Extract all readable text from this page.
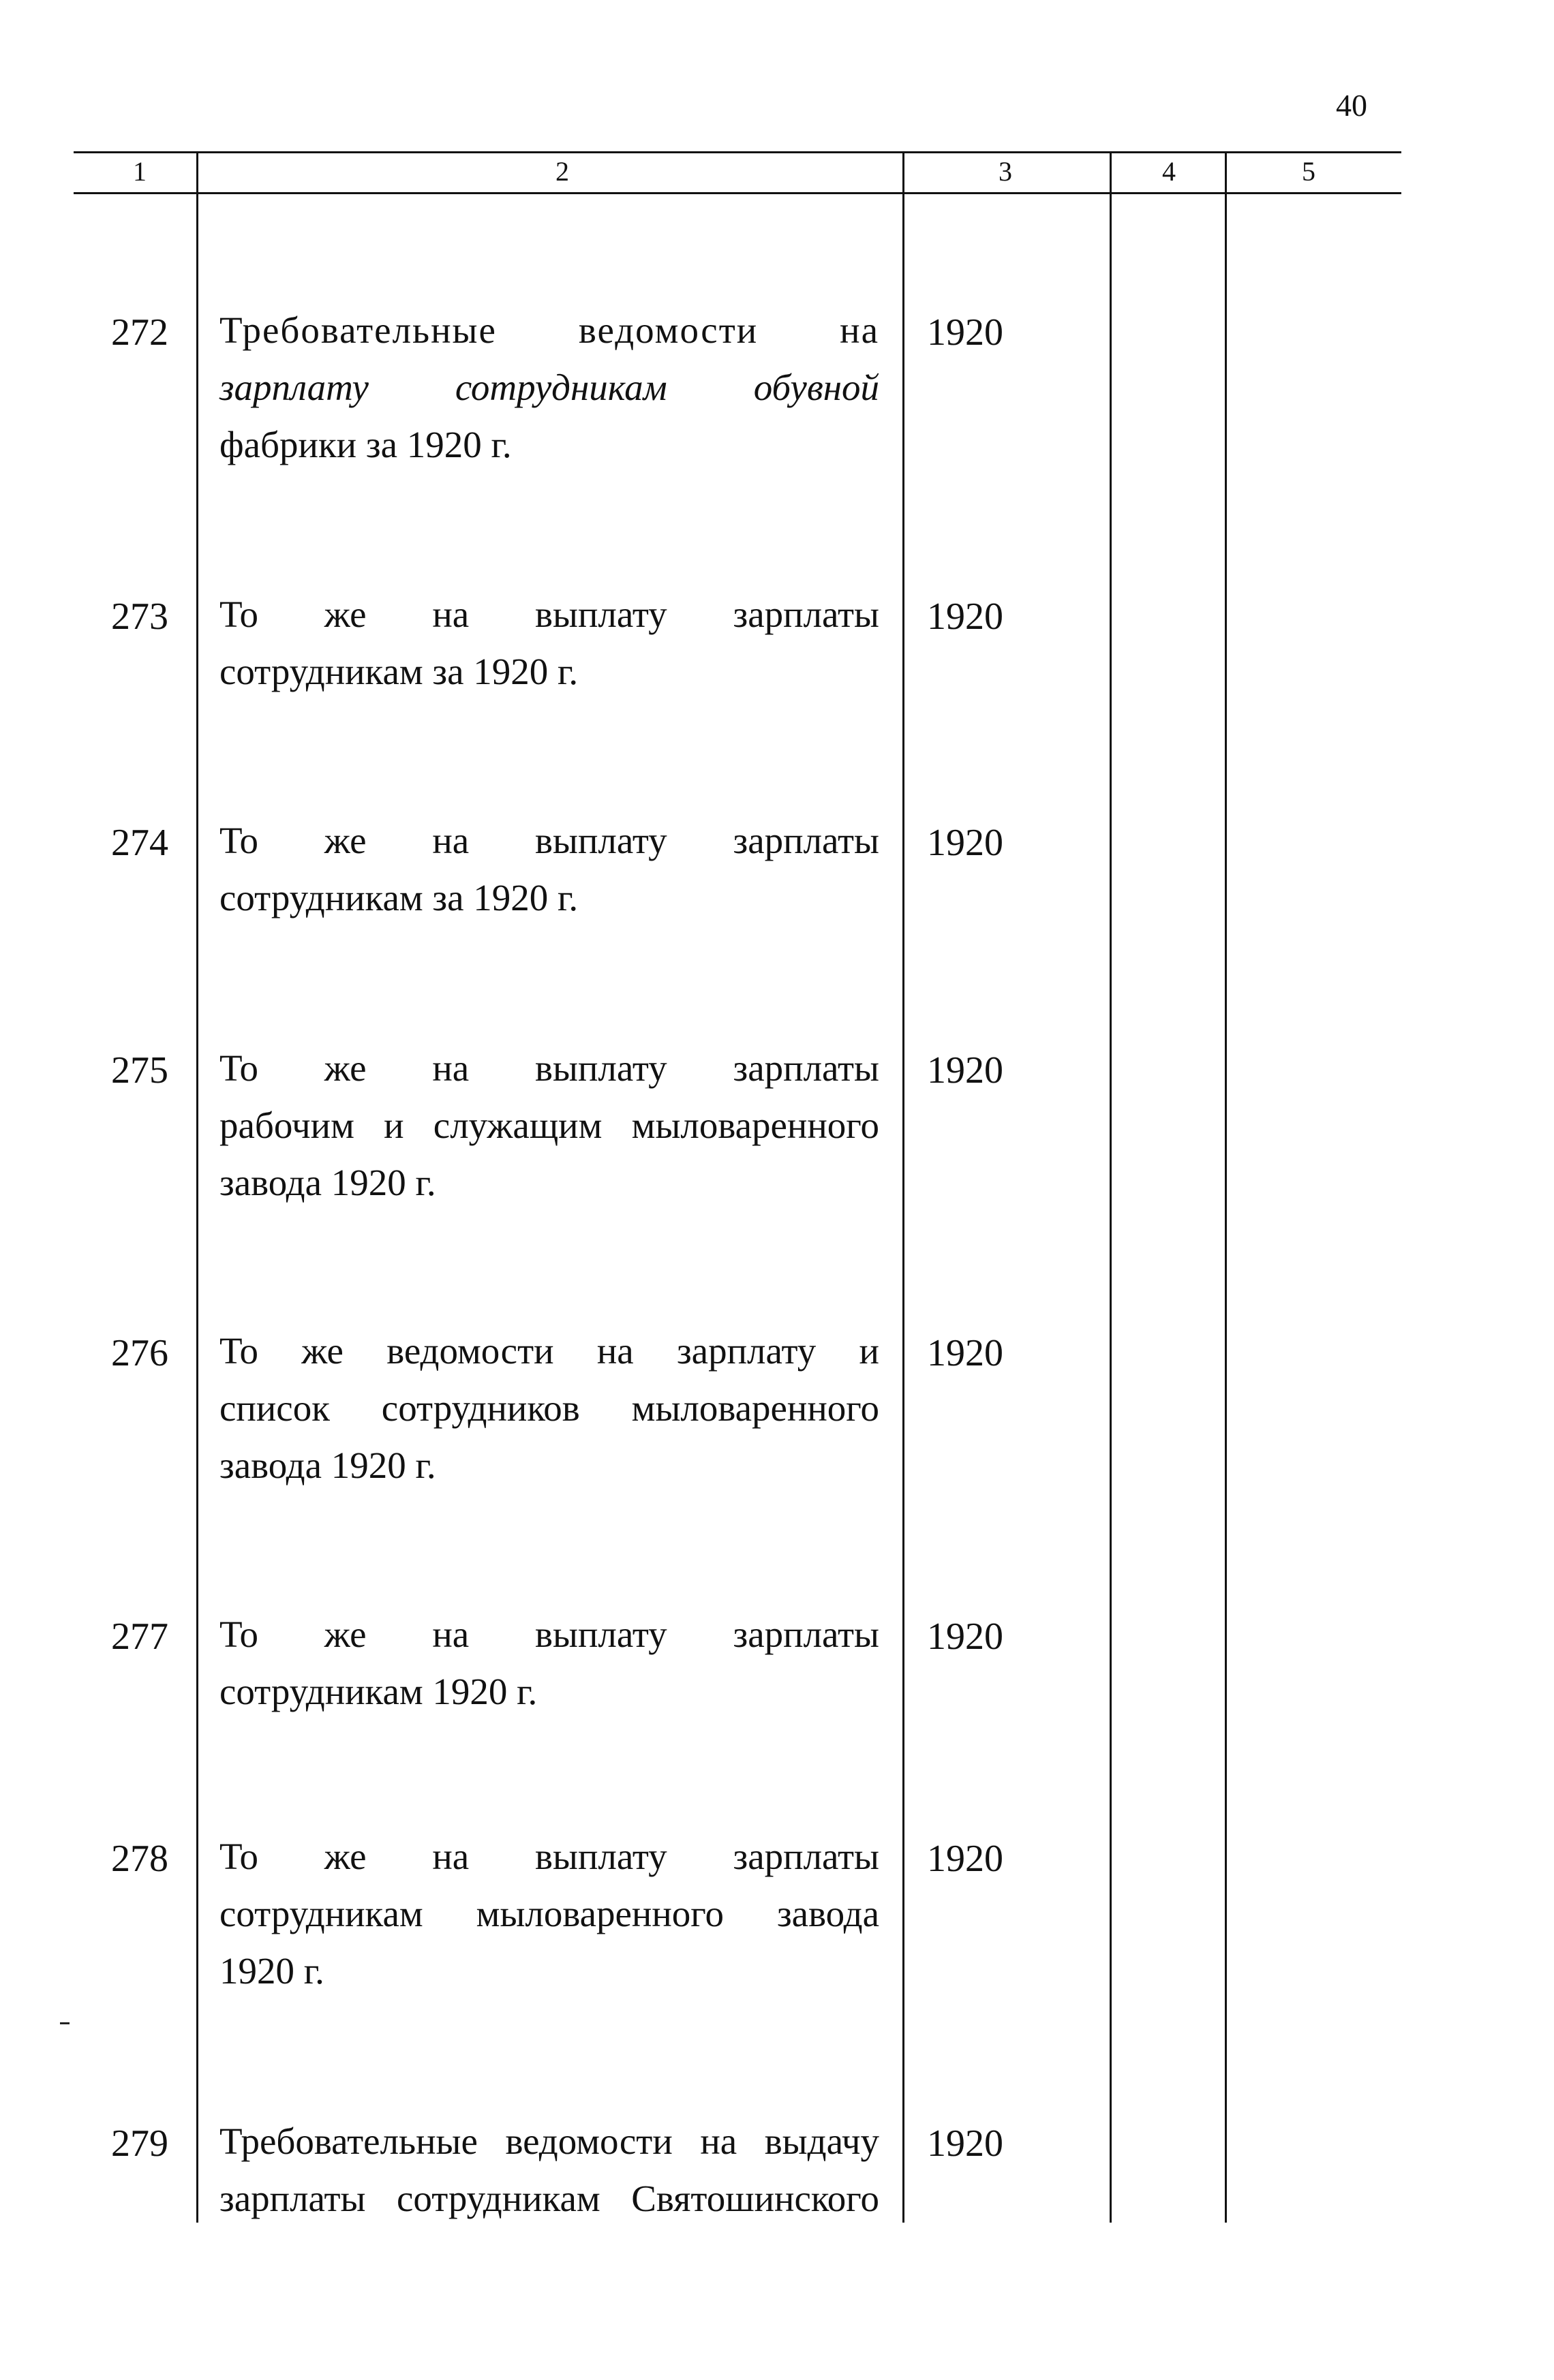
40
1	2	3	4	5
272 Требовательные ведомости на
зарплату сотрудникам обувной
фабрики за 1920 г.
1920
273 То же на выплату зарплаты
сотрудникам за 1920 г.
1920
274 То же на выплату зарплаты
сотрудникам за 1920 г.
1920
275 То же на выплату зарплаты
рабочим и служащим мыловаренного
завода 1920 г.
1920
276 То же ведомости на зарплату и
список сотрудников мыловаренного
завода 1920 г.
1920
277 То же на выплату зарплаты
сотрудникам 1920 г.
1920
278 То же на выплату зарплаты
сотрудникам мыловаренного завода
1920 г.
1920
279 Требовательные ведомости на выдачу
зарплаты сотрудникам Святошинского
1920
